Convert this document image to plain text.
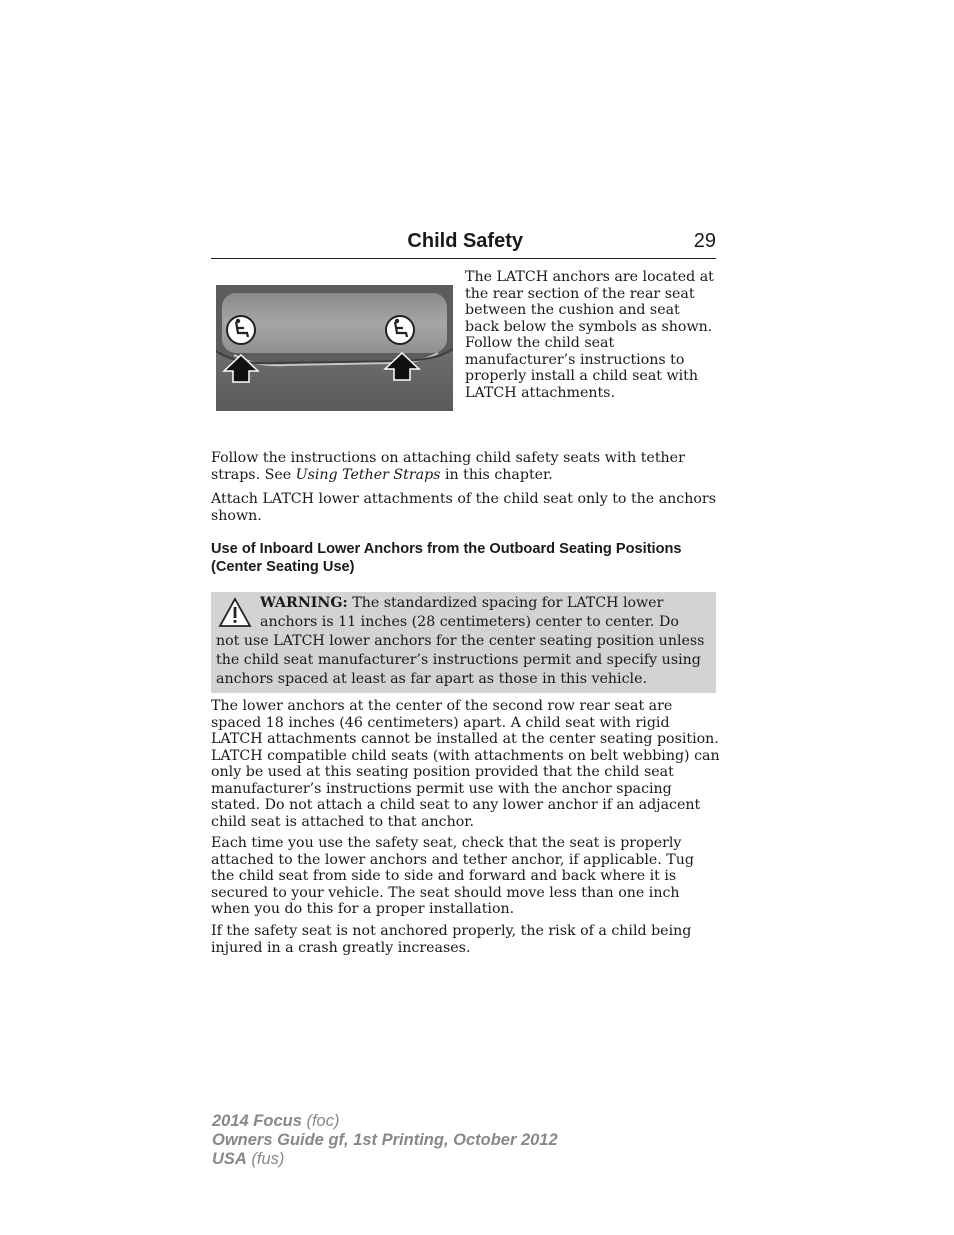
Child Safety	29

The LATCH anchors are located at the rear section of the rear seat between the cushion and seat back below the symbols as shown. Follow the child seat manufacturer’s instructions to properly install a child seat with LATCH attachments.

Follow the instructions on attaching child safety seats with tether straps. See Using Tether Straps in this chapter.

Attach LATCH lower attachments of the child seat only to the anchors shown.

Use of Inboard Lower Anchors from the Outboard Seating Positions (Center Seating Use)
WARNING: The standardized spacing for LATCH lower anchors is 11 inches (28 centimeters) center to center. Do not use LATCH lower anchors for the center seating position unless the child seat manufacturer’s instructions permit and specify using anchors spaced at least as far apart as those in this vehicle.

The lower anchors at the center of the second row rear seat are spaced 18 inches (46 centimeters) apart. A child seat with rigid LATCH attachments cannot be installed at the center seating position. LATCH compatible child seats (with attachments on belt webbing) can only be used at this seating position provided that the child seat manufacturer’s instructions permit use with the anchor spacing stated. Do not attach a child seat to any lower anchor if an adjacent child seat is attached to that anchor.

Each time you use the safety seat, check that the seat is properly attached to the lower anchors and tether anchor, if applicable. Tug the child seat from side to side and forward and back where it is secured to your vehicle. The seat should move less than one inch when you do this for a proper installation.

If the safety seat is not anchored properly, the risk of a child being injured in a crash greatly increases.

2014 Focus (foc)
Owners Guide gf, 1st Printing, October 2012
USA (fus)
